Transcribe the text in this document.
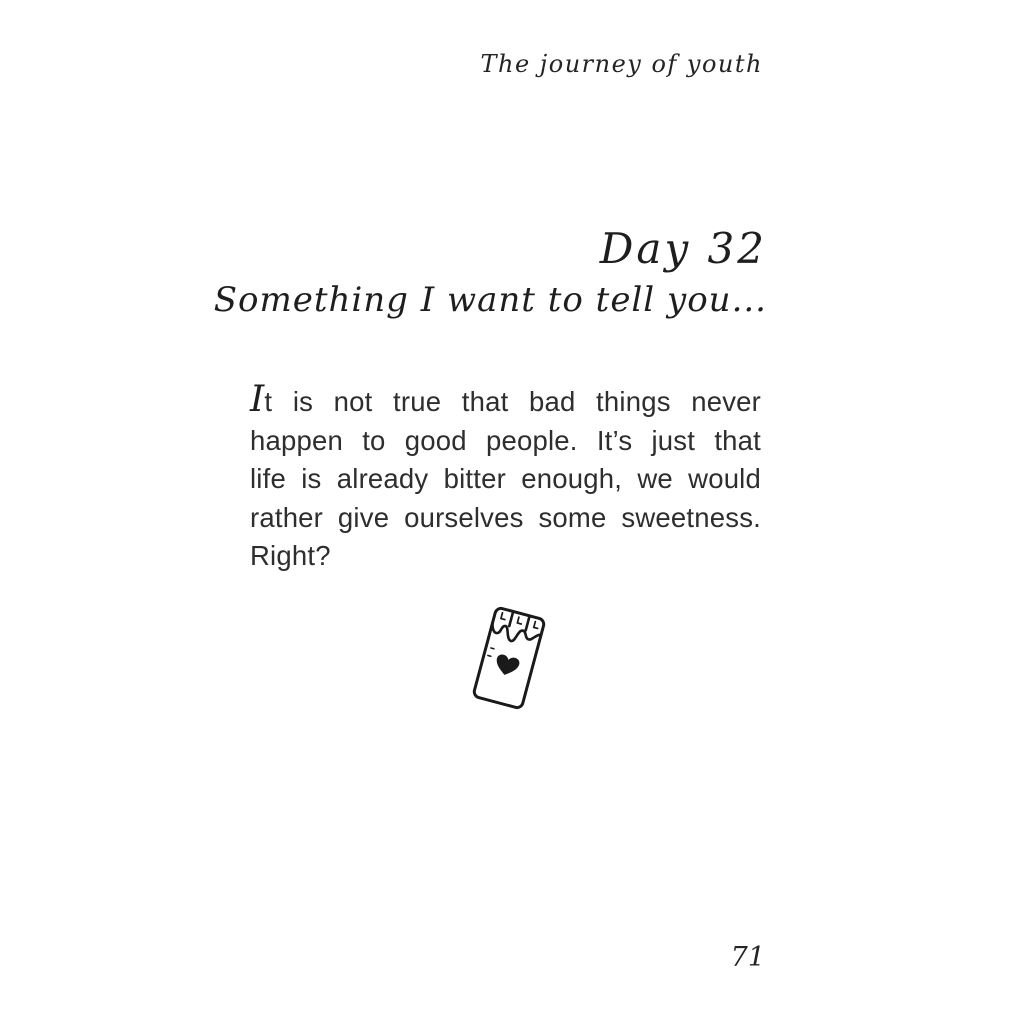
The journey of youth
Day 32
Something I want to tell you...
It is not true that bad things never
happen to good people. It’s just that
life is already bitter enough, we would
rather give ourselves some sweetness.
Right?
71
